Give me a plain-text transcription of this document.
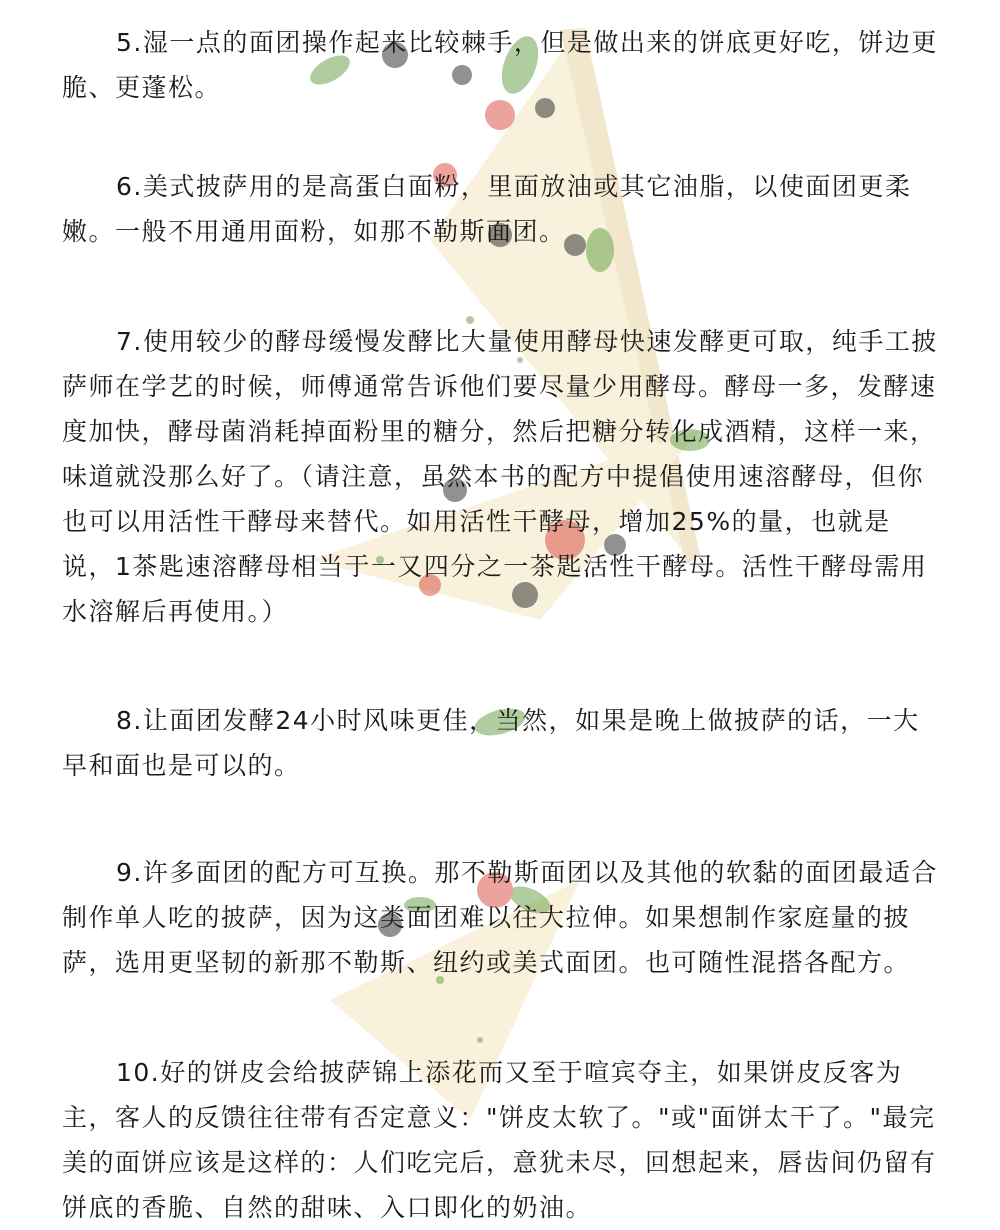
5.湿一点的面团操作起来比较棘手，但是做出来的饼底更好吃，饼边更脆、更蓬松。

6.美式披萨用的是高蛋白面粉，里面放油或其它油脂，以使面团更柔嫩。一般不用通用面粉，如那不勒斯面团。

7.使用较少的酵母缓慢发酵比大量使用酵母快速发酵更可取，纯手工披萨师在学艺的时候，师傅通常告诉他们要尽量少用酵母。酵母一多，发酵速度加快，酵母菌消耗掉面粉里的糖分，然后把糖分转化成酒精，这样一来，味道就没那么好了。（请注意，虽然本书的配方中提倡使用速溶酵母，但你也可以用活性干酵母来替代。如用活性干酵母，增加25%的量，也就是说，1茶匙速溶酵母相当于一又四分之一茶匙活性干酵母。活性干酵母需用水溶解后再使用。）

8.让面团发酵24小时风味更佳，当然，如果是晚上做披萨的话，一大早和面也是可以的。

9.许多面团的配方可互换。那不勒斯面团以及其他的软黏的面团最适合制作单人吃的披萨，因为这类面团难以往大拉伸。如果想制作家庭量的披萨，选用更坚韧的新那不勒斯、纽约或美式面团。也可随性混搭各配方。

10.好的饼皮会给披萨锦上添花而又至于喧宾夺主，如果饼皮反客为主，客人的反馈往往带有否定意义："饼皮太软了。"或"面饼太干了。"最完美的面饼应该是这样的：人们吃完后，意犹未尽，回想起来，唇齿间仍留有饼底的香脆、自然的甜味、入口即化的奶油。
